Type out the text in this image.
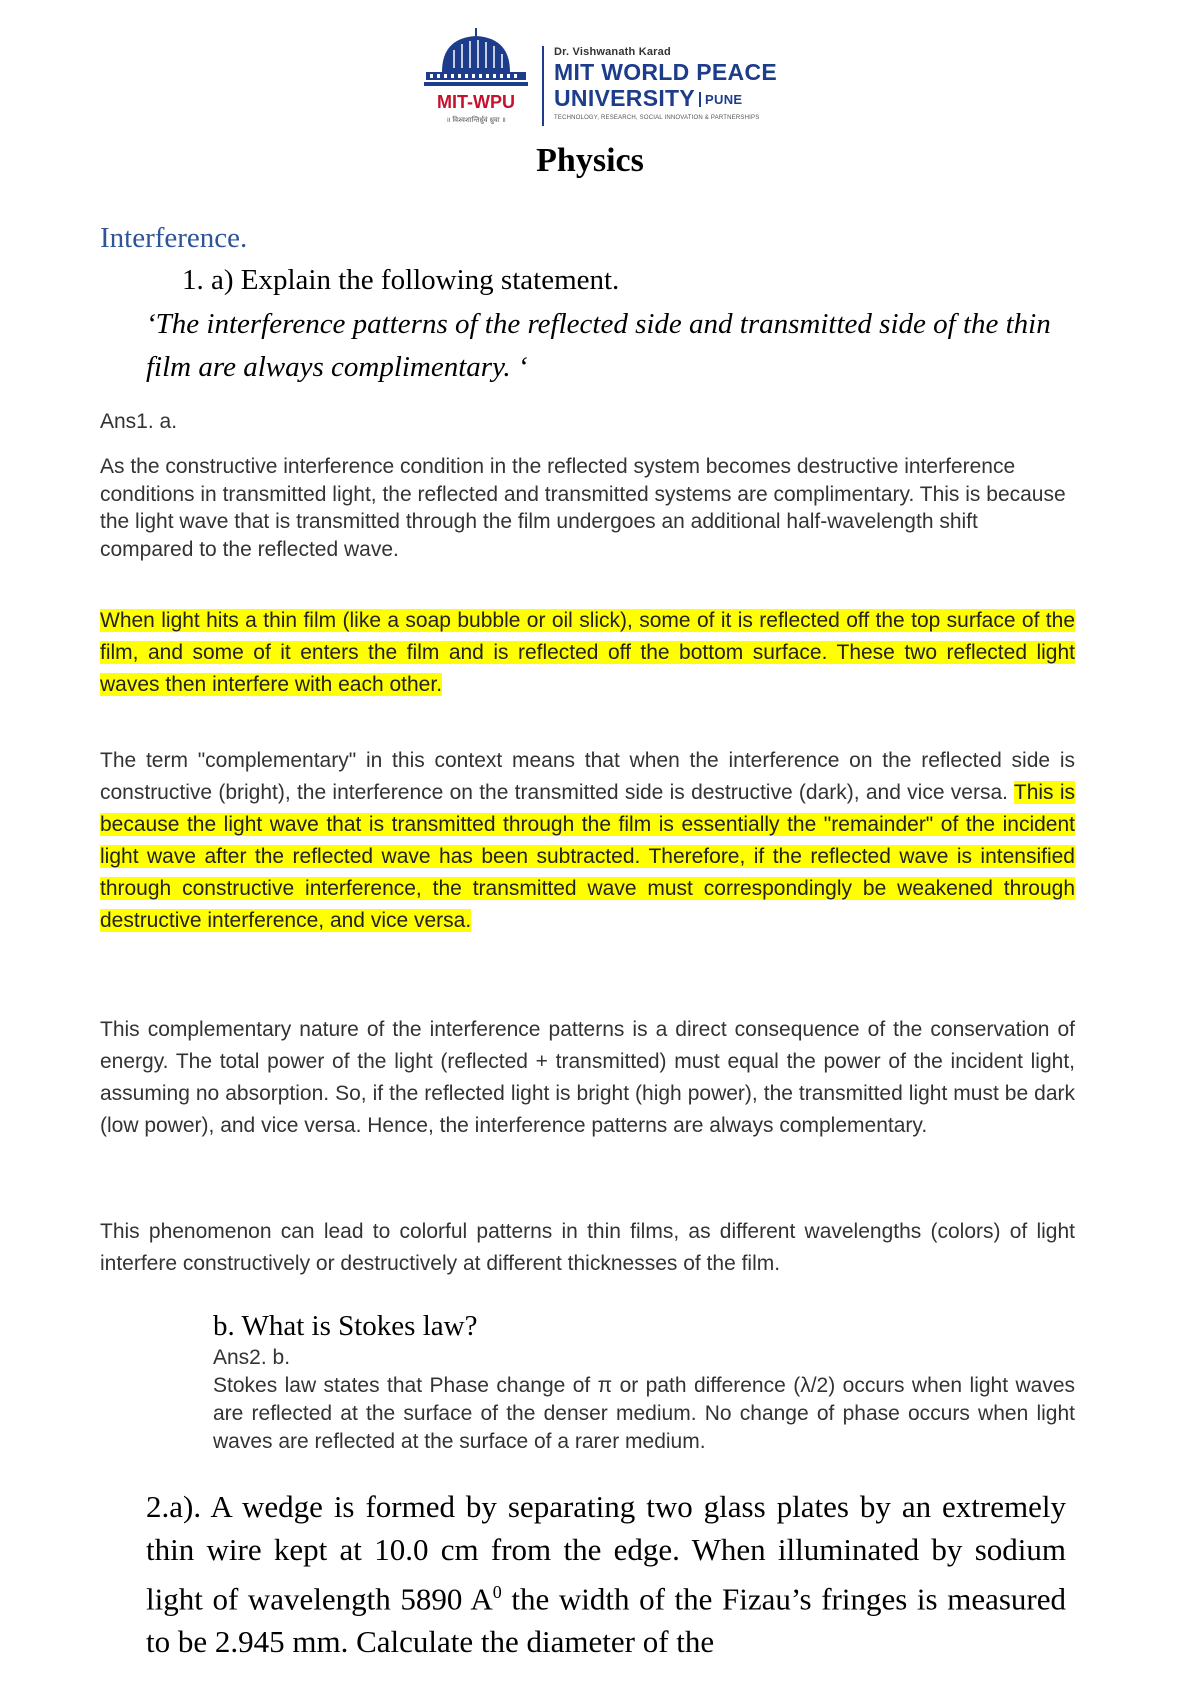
MIT-WPU
॥ विश्वशान्तिर्ध्रुवं ध्रुवा ॥
Dr. Vishwanath Karad
MIT WORLD PEACE
UNIVERSITY PUNE
TECHNOLOGY, RESEARCH, SOCIAL INNOVATION & PARTNERSHIPS
Physics
Interference.
1. a) Explain the following statement.
‘The interference patterns of the reflected side and transmitted side of the thin film are always complimentary. ‘
Ans1. a.
As the constructive interference condition in the reflected system becomes destructive interference conditions in transmitted light, the reflected and transmitted systems are complimentary. This is because the light wave that is transmitted through the film undergoes an additional half-wavelength shift compared to the reflected wave.
When light hits a thin film (like a soap bubble or oil slick), some of it is reflected off the top surface of the film, and some of it enters the film and is reflected off the bottom surface. These two reflected light waves then interfere with each other.
The term "complementary" in this context means that when the interference on the reflected side is constructive (bright), the interference on the transmitted side is destructive (dark), and vice versa. This is because the light wave that is transmitted through the film is essentially the "remainder" of the incident light wave after the reflected wave has been subtracted. Therefore, if the reflected wave is intensified through constructive interference, the transmitted wave must correspondingly be weakened through destructive interference, and vice versa.
This complementary nature of the interference patterns is a direct consequence of the conservation of energy. The total power of the light (reflected + transmitted) must equal the power of the incident light, assuming no absorption. So, if the reflected light is bright (high power), the transmitted light must be dark (low power), and vice versa. Hence, the interference patterns are always complementary.
This phenomenon can lead to colorful patterns in thin films, as different wavelengths (colors) of light interfere constructively or destructively at different thicknesses of the film.
b. What is Stokes law?
Ans2. b.
Stokes law states that Phase change of π or path difference (λ/2) occurs when light waves are reflected at the surface of the denser medium. No change of phase occurs when light waves are reflected at the surface of a rarer medium.
2.a). A wedge is formed by separating two glass plates by an extremely thin wire kept at 10.0 cm from the edge. When illuminated by sodium light of wavelength 5890 $A^0$ the width of the Fizau’s fringes is measured to be 2.945 mm. Calculate the diameter of the
